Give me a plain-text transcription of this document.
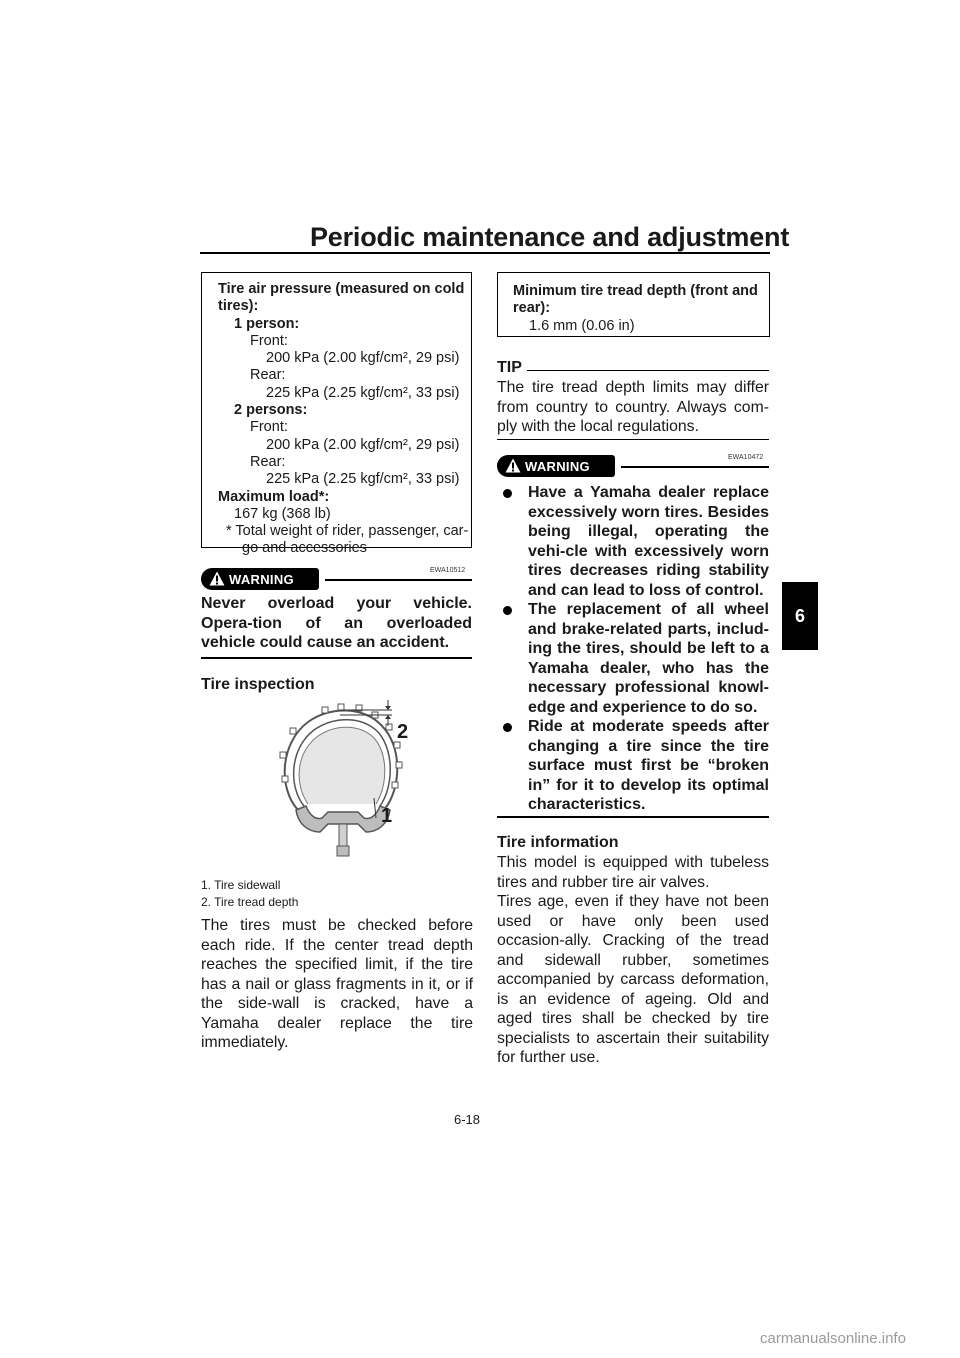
Periodic maintenance and adjustment
6
Tire air pressure (measured on cold
tires):
1 person:
Front:
200 kPa (2.00 kgf/cm², 29 psi)
Rear:
225 kPa (2.25 kgf/cm², 33 psi)
2 persons:
Front:
200 kPa (2.00 kgf/cm², 29 psi)
Rear:
225 kPa (2.25 kgf/cm², 33 psi)
Maximum load*:
167 kg (368 lb)
* Total weight of rider, passenger, car-
go and accessories
EWA10512
WARNING
Never overload your vehicle. Opera-tion of an overloaded vehicle could cause an accident.
Tire inspection
2
1
1. Tire sidewall
2. Tire tread depth
The tires must be checked before each ride. If the center tread depth reaches the specified limit, if the tire has a nail or glass fragments in it, or if the side-wall is cracked, have a Yamaha dealer replace the tire immediately.
Minimum tire tread depth (front and
rear):
1.6 mm (0.06 in)
TIP
The tire tread depth limits may differ from country to country. Always com-ply with the local regulations.
EWA10472
WARNING
Have a Yamaha dealer replace excessively worn tires. Besides being illegal, operating the vehi-cle with excessively worn tires decreases riding stability and can lead to loss of control.
The replacement of all wheel and brake-related parts, includ-ing the tires, should be left to a Yamaha dealer, who has the necessary professional knowl-edge and experience to do so.
Ride at moderate speeds after changing a tire since the tire surface must first be “broken in” for it to develop its optimal characteristics.
Tire information
This model is equipped with tubeless tires and rubber tire air valves.
Tires age, even if they have not been used or have only been used occasion-ally. Cracking of the tread and sidewall rubber, sometimes accompanied by carcass deformation, is an evidence of ageing. Old and aged tires shall be checked by tire specialists to ascertain their suitability for further use.
6-18
carmanualsonline.info
